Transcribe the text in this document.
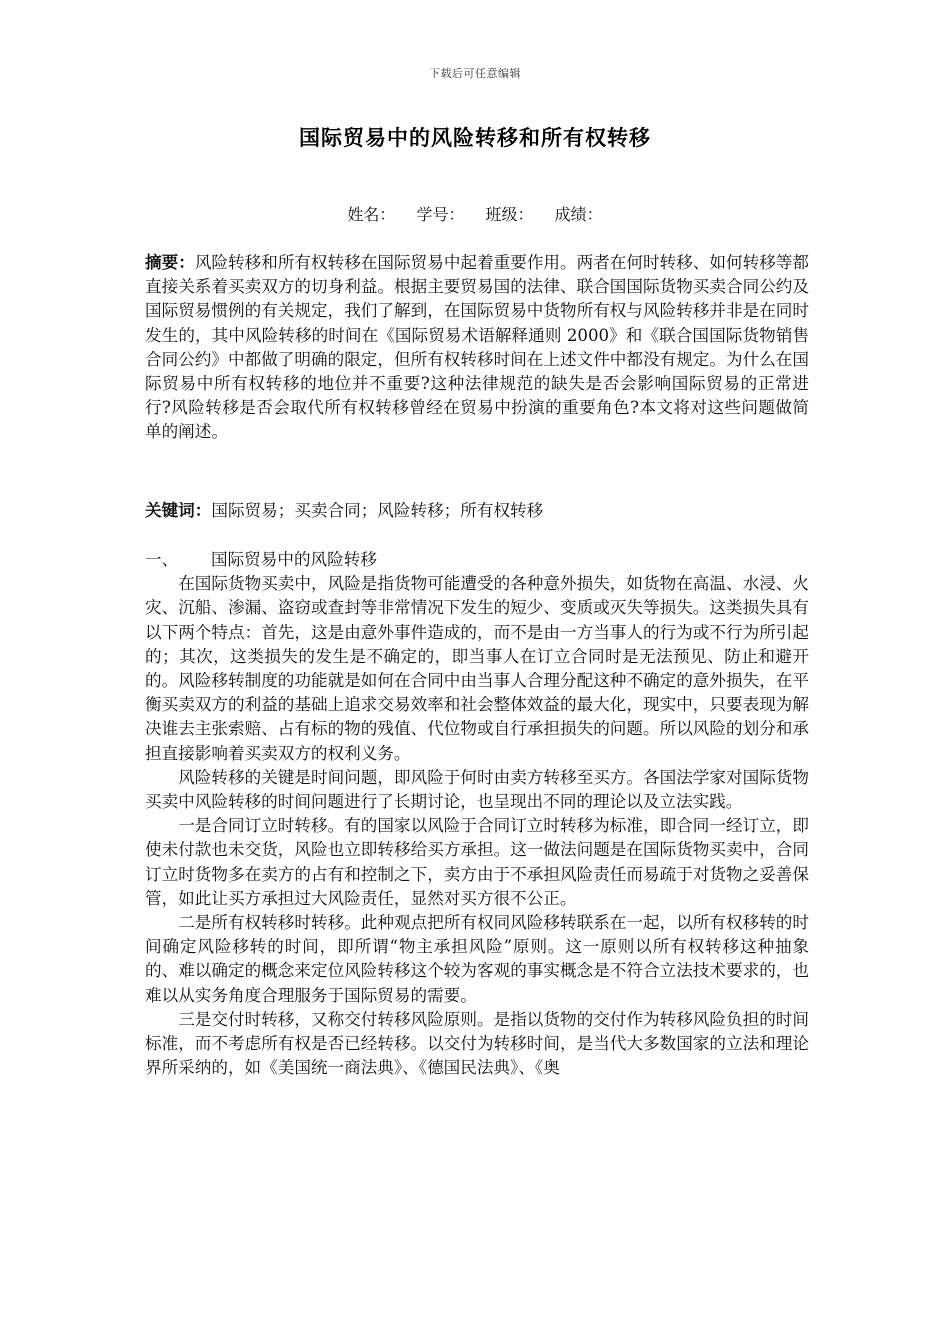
下载后可任意编辑
国际贸易中的风险转移和所有权转移
姓名： 学号： 班级： 成绩：
摘要：风险转移和所有权转移在国际贸易中起着重要作用。两者在何时转移、如何转移等都直接关系着买卖双方的切身利益。根据主要贸易国的法律、联合国国际货物买卖合同公约及国际贸易惯例的有关规定，我们了解到，在国际贸易中货物所有权与风险转移并非是在同时发生的，其中风险转移的时间在《国际贸易术语解释通则 2000》和《联合国国际货物销售合同公约》中都做了明确的限定，但所有权转移时间在上述文件中都没有规定。为什么在国际贸易中所有权转移的地位并不重要?这种法律规范的缺失是否会影响国际贸易的正常进行?风险转移是否会取代所有权转移曾经在贸易中扮演的重要角色?本文将对这些问题做简单的阐述。
关键词：国际贸易；买卖合同；风险转移；所有权转移
一、 国际贸易中的风险转移

在国际货物买卖中，风险是指货物可能遭受的各种意外损失，如货物在高温、水浸、火灾、沉船、渗漏、盗窃或查封等非常情况下发生的短少、变质或灭失等损失。这类损失具有以下两个特点：首先，这是由意外事件造成的，而不是由一方当事人的行为或不行为所引起的；其次，这类损失的发生是不确定的，即当事人在订立合同时是无法预见、防止和避开的。风险移转制度的功能就是如何在合同中由当事人合理分配这种不确定的意外损失，在平衡买卖双方的利益的基础上追求交易效率和社会整体效益的最大化，现实中，只要表现为解决谁去主张索赔、占有标的物的残值、代位物或自行承担损失的问题。所以风险的划分和承担直接影响着买卖双方的权利义务。

风险转移的关键是时间问题，即风险于何时由卖方转移至买方。各国法学家对国际货物买卖中风险转移的时间问题进行了长期讨论，也呈现出不同的理论以及立法实践。

一是合同订立时转移。有的国家以风险于合同订立时转移为标准，即合同一经订立，即使未付款也未交货，风险也立即转移给买方承担。这一做法问题是在国际货物买卖中，合同订立时货物多在卖方的占有和控制之下，卖方由于不承担风险责任而易疏于对货物之妥善保管，如此让买方承担过大风险责任，显然对买方很不公正。

二是所有权转移时转移。此种观点把所有权同风险移转联系在一起，以所有权移转的时间确定风险移转的时间，即所谓“物主承担风险”原则。这一原则以所有权转移这种抽象的、难以确定的概念来定位风险转移这个较为客观的事实概念是不符合立法技术要求的，也难以从实务角度合理服务于国际贸易的需要。

三是交付时转移，又称交付转移风险原则。是指以货物的交付作为转移风险负担的时间标准，而不考虑所有权是否已经转移。以交付为转移时间，是当代大多数国家的立法和理论界所采纳的，如《美国统一商法典》、《德国民法典》、《奥
